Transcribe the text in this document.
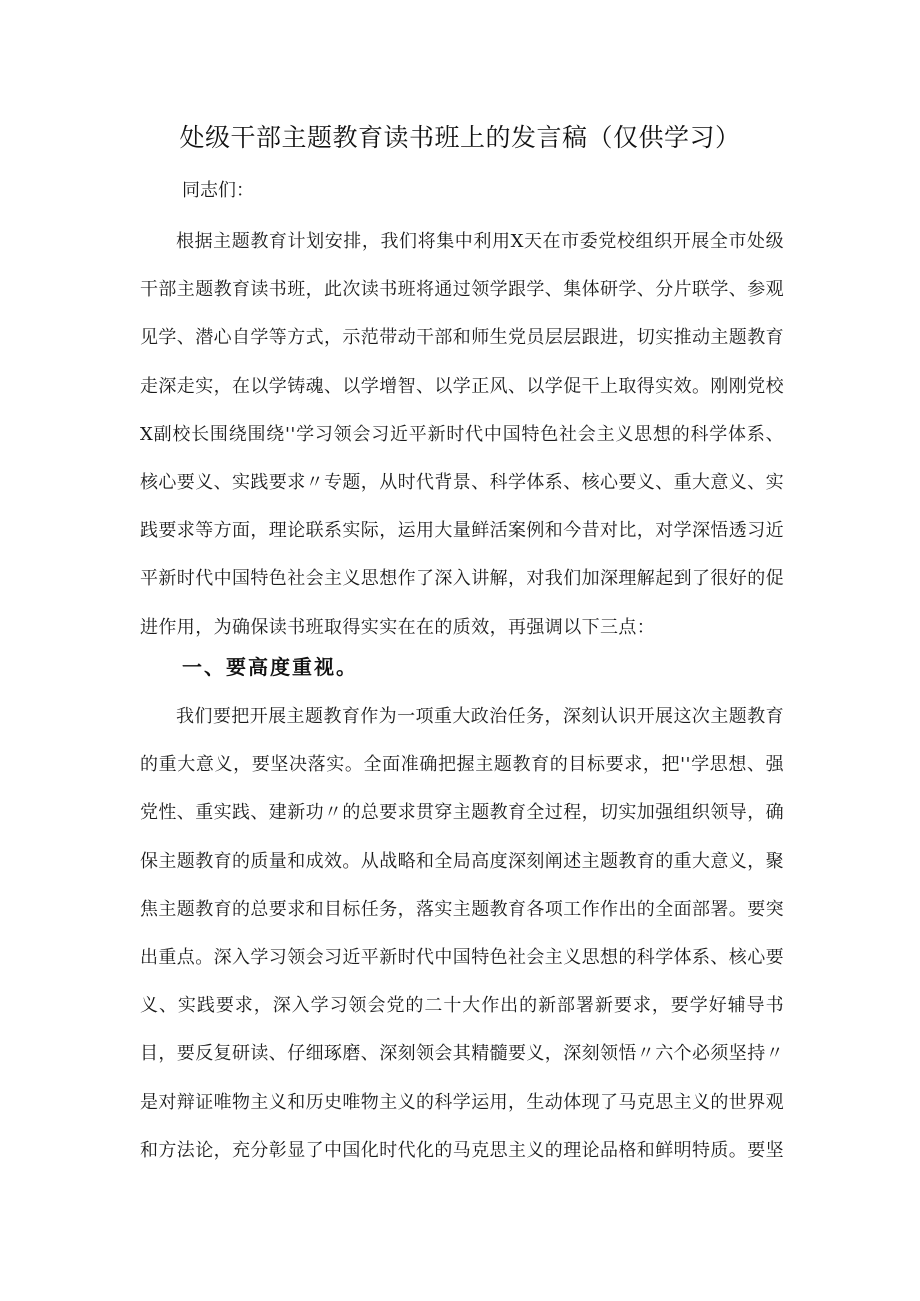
处级干部主题教育读书班上的发言稿（仅供学习）
同志们：

根据主题教育计划安排，我们将集中利用X天在市委党校组织开展全市处级干部主题教育读书班，此次读书班将通过领学跟学、集体研学、分片联学、参观见学、潜心自学等方式，示范带动干部和师生党员层层跟进，切实推动主题教育走深走实，在以学铸魂、以学增智、以学正风、以学促干上取得实效。刚刚党校X副校长围绕围绕''学习领会习近平新时代中国特色社会主义思想的科学体系、核心要义、实践要求〃专题，从时代背景、科学体系、核心要义、重大意义、实践要求等方面，理论联系实际，运用大量鲜活案例和今昔对比，对学深悟透习近平新时代中国特色社会主义思想作了深入讲解，对我们加深理解起到了很好的促进作用，为确保读书班取得实实在在的质效，再强调以下三点：

一、要高度重视。

我们要把开展主题教育作为一项重大政治任务，深刻认识开展这次主题教育的重大意义，要坚决落实。全面准确把握主题教育的目标要求，把''学思想、强党性、重实践、建新功〃的总要求贯穿主题教育全过程，切实加强组织领导，确保主题教育的质量和成效。从战略和全局高度深刻阐述主题教育的重大意义，聚焦主题教育的总要求和目标任务，落实主题教育各项工作作出的全面部署。要突出重点。深入学习领会习近平新时代中国特色社会主义思想的科学体系、核心要义、实践要求，深入学习领会党的二十大作出的新部署新要求，要学好辅导书目，要反复研读、仔细琢磨、深刻领会其精髓要义，深刻领悟〃六个必须坚持〃是对辩证唯物主义和历史唯物主义的科学运用，生动体现了马克思主义的世界观和方法论，充分彰显了中国化时代化的马克思主义的理论品格和鲜明特质。要坚
